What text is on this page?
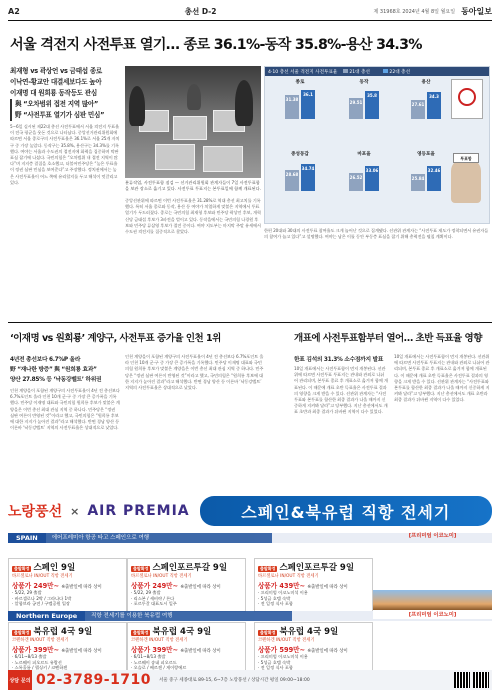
A2	총선 D-2	제 31968호 2024년 4월 8일 월요일 동아일보
서울 격전지 사전투표 열기… 종로 36.1%-동작 35.8%-용산 34.3%
최재형 vs 곽상언 vs 금태섭 종로
이낙연-황교안 대결세보다도 높아
이재명 대 원희룡 동작등도 관심
與 “오차범위 접전 지역 많아”
野 “사전투표 열기가 심판 민심”
5∼6일 실시된 제22대 총선 사전투표에서 서울 격전지 투표율이 전국 평균을 웃돈 것으로 나타났다. 중앙선거관리위원회에 따르면 서울 종로구의 사전투표율은 36.1%로 서울 25개 자치구 중 가장 높았다. 동작구는 35.8%, 용산구는 34.3%를 기록했다. 여야는 서울과 수도권의 접전지에 화력을 집중하며 막판 표심 잡기에 나섰다. 국민의힘은 “오차범위 내 접전 지역이 많다”며 지지층 결집을 호소했고, 더불어민주당은 “높은 투표율이 정권 심판 민심을 보여준다”고 주장했다. 정치권에서는 높은 사전투표율이 어느 쪽에 유리할지를 두고 해석이 엇갈리고 있다.	분류작업, 사전투표함 점검 — 선거관리위원회 관계자들이 7일 사전투표함을 보관 장소로 옮기고 있다. 사전투표 투표지는 본투표일에 함께 개표된다.
4·10 총선 서울 격전지 사전투표율	21대 총선	22대 총선
종로
31.38
36.1
동작
29.51
35.8
용산
27.61
34.3
중성동갑
28.68
34.74
마포을
26.52
33.06
영등포을
25.84
32.46
투표함
중앙선관위에 따르면 이번 사전투표율은 31.28%로 역대 총선 최고치를 기록했다. 특히 서울 종로와 동작, 용산 등 여야가 치열하게 맞붙은 지역에서 투표 열기가 두드러졌다. 종로는 국민의힘 최재형 후보와 민주당 곽상언 후보, 개혁신당 금태섭 후보가 3파전을 벌이고 있다. 동작을에서는 국민의힘 나경원 후보와 민주당 류삼영 후보가 접전 중이다. 여야 지도부는 마지막 주말 유세에서 수도권 격전지를 집중적으로 찾았다.	한편 20대와 30대의 사전투표 참여율도 크게 늘어난 것으로 집계됐다. 선관위 관계자는 “사전투표 제도가 정착되면서 유권자들의 참여가 늘고 있다”고 설명했다. 여야는 남은 이틀 동안 부동층 표심을 잡기 위해 총력전을 펼칠 계획이다.
‘이재명 vs 원희룡’ 계양구, 사전투표 증가율 인천 1위	개표에 사전투표함부터 열어… 초반 득표율 영향
4년전 총선보다 6.7%P 올라
野 “재나한 방증” 與 “원희룡 효과”
양산 27.85% 등 ‘낙동강벨트’ 하위권
인천 계양을이 포함된 계양구의 사전투표율이 4년 전 총선보다 6.7%포인트 올라 인천 10개 군·구 중 가장 큰 증가폭을 기록했다. 민주당 이재명 대표와 국민의힘 원희룡 후보가 맞붙은 계양을은 이번 총선 최대 관심 지역 중 하나다. 민주당은 “정권 심판 여론이 반영된 것”이라고 했고, 국민의힘은 “원희룡 후보에 대한 지지가 높아진 결과”라고 해석했다. 반면 경남 양산 등 이른바 ‘낙동강벨트’ 지역의 사전투표율은 상대적으로 낮았다.
인천 계양을이 포함된 계양구의 사전투표율이 4년 전 총선보다 6.7%포인트 올라 인천 10개 군·구 중 가장 큰 증가폭을 기록했다. 민주당 이재명 대표와 국민의힘 원희룡 후보가 맞붙은 계양을은 이번 총선 최대 관심 지역 중 하나다. 민주당은 “정권 심판 여론이 반영된 것”이라고 했고, 국민의힘은 “원희룡 후보에 대한 지지가 높아진 결과”라고 해석했다. 반면 경남 양산 등 이른바 ‘낙동강벨트’ 지역의 사전투표율은 상대적으로 낮았다.
한표 김석의 31.3% 소수점까지 발표
10일 개표에서는 사전투표함이 먼저 개봉된다. 선관위에 따르면 사전투표 투표지는 관내와 관외로 나뉘어 관리되며, 본투표 종료 후 개표소로 옮겨져 함께 개표된다. 이 때문에 개표 초반 득표율은 사전투표 결과의 영향을 크게 받을 수 있다. 선관위 관계자는 “사전투표와 본투표를 합산한 최종 결과가 나올 때까지 신중하게 지켜봐 달라”고 당부했다. 지난 총선에서도 개표 초반과 최종 결과가 뒤바뀐 지역이 다수 있었다.
10일 개표에서는 사전투표함이 먼저 개봉된다. 선관위에 따르면 사전투표 투표지는 관내와 관외로 나뉘어 관리되며, 본투표 종료 후 개표소로 옮겨져 함께 개표된다. 이 때문에 개표 초반 득표율은 사전투표 결과의 영향을 크게 받을 수 있다. 선관위 관계자는 “사전투표와 본투표를 합산한 최종 결과가 나올 때까지 신중하게 지켜봐 달라”고 당부했다. 지난 총선에서도 개표 초반과 최종 결과가 뒤바뀐 지역이 다수 있었다.
노랑풍선 × AIR PREMIA	스페인&북유럽 직항 전세기
SPAIN	에어프레미아 항공 타고 스페인으로 여행
출발확정 스페인 9일
바르셀로나 IN/OUT 직항 전세기
상품가 249만~ ※출발일에 따라 상이
· 5/22, 29 출발
· 바르셀로나 2박 / 그라나다 1박
· 알함브라 궁전 / 구엘공원 입장
출발확정 스페인포르투갈 9일
바르셀로나 IN/OUT 직항 전세기
상품가 249만~ ※출발일에 따라 상이
· 5/22, 29 출발
· 리스본 / 세비야 / 론다
· 포르투갈 대표도시 일주
출발확정 스페인포르투갈 9일
바르셀로나 IN/OUT 직항 전세기
상품가 439만~ ※출발일에 따라 상이
· 프리미엄 이코노미석 이용
· 5성급 호텔 숙박
· 전 일정 식사 포함
출발확정 북유럽 4국 9일
코펜하겐 IN/OUT 직항 전세기
상품가 399만~ ※출발일에 따라 상이
· 6/11~8/13 출발
· 노르웨이 피오르드 유람선
· 스톡홀름 / 헬싱키 / 코펜하겐
출발확정 북유럽 4국 9일
코펜하겐 IN/OUT 직항 전세기
상품가 399만~ ※출발일에 따라 상이
· 6/11~8/13 출발
· 노르웨이 송네 피오르드
· 오슬로 / 베르겐 / 게이랑에르
출발확정 북유럽 4국 9일
코펜하겐 IN/OUT 직항 전세기
상품가 599만~ ※출발일에 따라 상이
· 프리미엄 이코노미석 이용
· 5성급 호텔 숙박
· 전 일정 식사 포함
[프리미엄 이코노미]
Northern Europe	직항 전세기를 이용한 북유럽 여행	[프리미엄 이코노미]
상담 문의 02-3789-1710 서울 중구 세종대로 89-15, 6~7층 노랑풍선 / 상담시간 평일 09:00~18:00
